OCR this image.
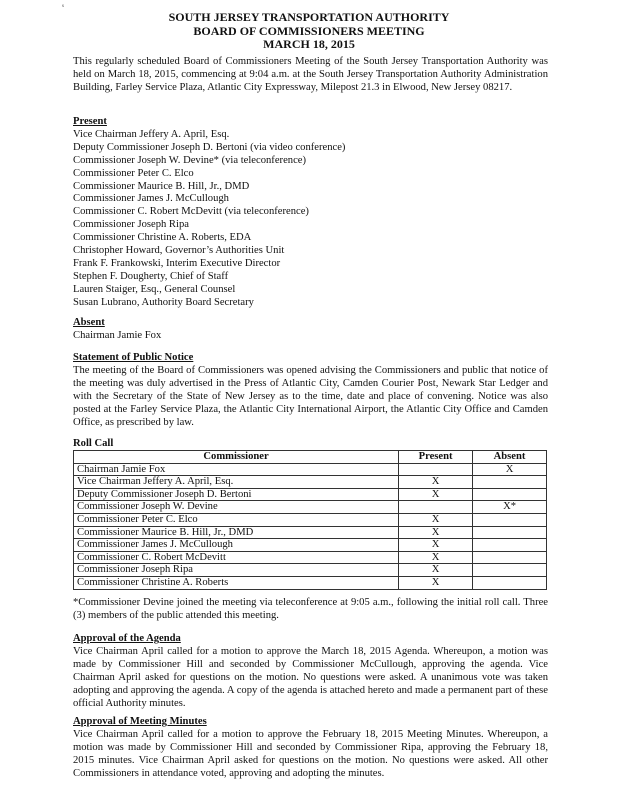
s
SOUTH JERSEY TRANSPORTATION AUTHORITY
BOARD OF COMMISSIONERS MEETING
MARCH 18, 2015
This regularly scheduled Board of Commissioners Meeting of the South Jersey Transportation Authority was held on March 18, 2015, commencing at 9:04 a.m. at the South Jersey Transportation Authority Administration Building, Farley Service Plaza, Atlantic City Expressway, Milepost 21.3 in Elwood, New Jersey 08217.
Present
Vice Chairman Jeffery A. April, Esq.
Deputy Commissioner Joseph D. Bertoni (via video conference)
Commissioner Joseph W. Devine* (via teleconference)
Commissioner Peter C. Elco
Commissioner Maurice B. Hill, Jr., DMD
Commissioner James J. McCullough
Commissioner C. Robert McDevitt (via teleconference)
Commissioner Joseph Ripa
Commissioner Christine A. Roberts, EDA
Christopher Howard, Governor’s Authorities Unit
Frank F. Frankowski, Interim Executive Director
Stephen F. Dougherty, Chief of Staff
Lauren Staiger, Esq., General Counsel
Susan Lubrano, Authority Board Secretary
Absent
Chairman Jamie Fox
Statement of Public Notice
The meeting of the Board of Commissioners was opened advising the Commissioners and public that notice of the meeting was duly advertised in the Press of Atlantic City, Camden Courier Post, Newark Star Ledger and with the Secretary of the State of New Jersey as to the time, date and place of convening. Notice was also posted at the Farley Service Plaza, the Atlantic City International Airport, the Atlantic City Office and Camden Office, as prescribed by law.
Roll Call
Commissioner	Present	Absent
Chairman Jamie Fox		X
Vice Chairman Jeffery A. April, Esq.	X	
Deputy Commissioner Joseph D. Bertoni	X	
Commissioner Joseph W. Devine		X*
Commissioner Peter C. Elco	X	
Commissioner Maurice B. Hill, Jr., DMD	X	
Commissioner James J. McCullough	X	
Commissioner C. Robert McDevitt	X	
Commissioner Joseph Ripa	X	
Commissioner Christine A. Roberts	X	
*Commissioner Devine joined the meeting via teleconference at 9:05 a.m., following the initial roll call. Three (3) members of the public attended this meeting.
Approval of the Agenda
Vice Chairman April called for a motion to approve the March 18, 2015 Agenda. Whereupon, a motion was made by Commissioner Hill and seconded by Commissioner McCullough, approving the agenda. Vice Chairman April asked for questions on the motion. No questions were asked. A unanimous vote was taken adopting and approving the agenda. A copy of the agenda is attached hereto and made a permanent part of these official Authority minutes.
Approval of Meeting Minutes
Vice Chairman April called for a motion to approve the February 18, 2015 Meeting Minutes. Whereupon, a motion was made by Commissioner Hill and seconded by Commissioner Ripa, approving the February 18, 2015 minutes. Vice Chairman April asked for questions on the motion. No questions were asked. All other Commissioners in attendance voted, approving and adopting the minutes.
